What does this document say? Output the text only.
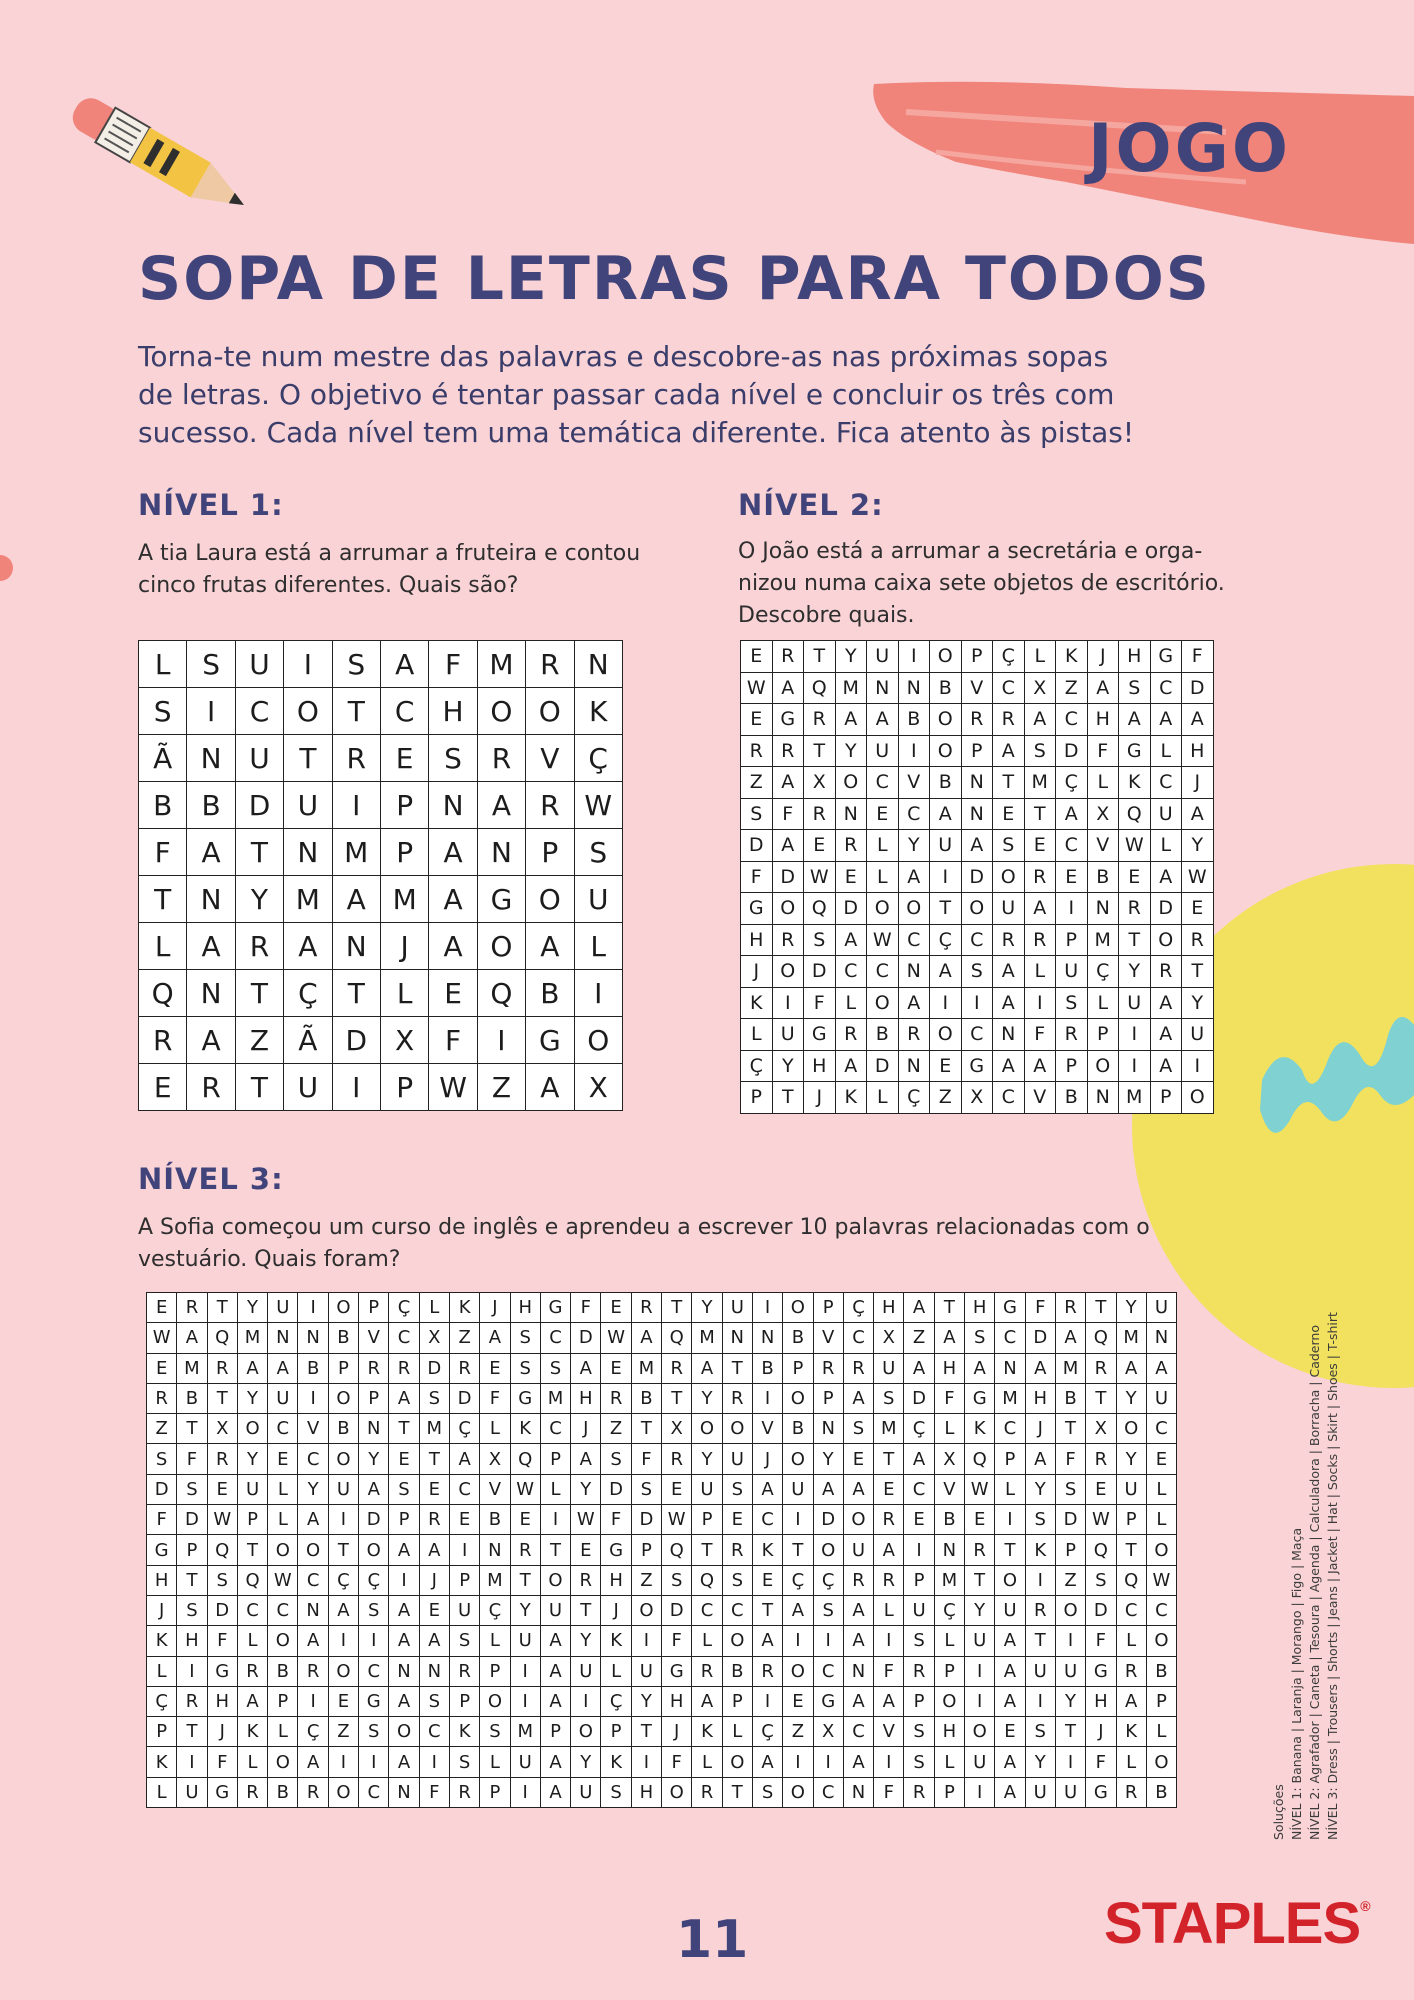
JOGO
SOPA DE LETRAS PARA TODOS
Torna-te num mestre das palavras e descobre-as nas próximas sopas
de letras. O objetivo é tentar passar cada nível e concluir os três com
sucesso. Cada nível tem uma temática diferente. Fica atento às pistas!
NÍVEL 1:
A tia Laura está a arrumar a fruteira e contou
cinco frutas diferentes. Quais são?
L	S	U	I	S	A	F	M	R	N
S	I	C	O	T	C	H	O	O	K
Ã	N	U	T	R	E	S	R	V	Ç
B	B	D	U	I	P	N	A	R	W
F	A	T	N	M	P	A	N	P	S
T	N	Y	M	A	M	A	G	O	U
L	A	R	A	N	J	A	O	A	L
Q	N	T	Ç	T	L	E	Q	B	I
R	A	Z	Ã	D	X	F	I	G	O
E	R	T	U	I	P	W	Z	A	X
NÍVEL 2:
O João está a arrumar a secretária e orga-
nizou numa caixa sete objetos de escritório.
Descobre quais.
E	R	T	Y	U	I	O	P	Ç	L	K	J	H	G	F
W	A	Q	M	N	N	B	V	C	X	Z	A	S	C	D
E	G	R	A	A	B	O	R	R	A	C	H	A	A	A
R	R	T	Y	U	I	O	P	A	S	D	F	G	L	H
Z	A	X	O	C	V	B	N	T	M	Ç	L	K	C	J
S	F	R	N	E	C	A	N	E	T	A	X	Q	U	A
D	A	E	R	L	Y	U	A	S	E	C	V	W	L	Y
F	D	W	E	L	A	I	D	O	R	E	B	E	A	W
G	O	Q	D	O	O	T	O	U	A	I	N	R	D	E
H	R	S	A	W	C	Ç	C	R	R	P	M	T	O	R
J	O	D	C	C	N	A	S	A	L	U	Ç	Y	R	T
K	I	F	L	O	A	I	I	A	I	S	L	U	A	Y
L	U	G	R	B	R	O	C	N	F	R	P	I	A	U
Ç	Y	H	A	D	N	E	G	A	A	P	O	I	A	I
P	T	J	K	L	Ç	Z	X	C	V	B	N	M	P	O
NÍVEL 3:
A Sofia começou um curso de inglês e aprendeu a escrever 10 palavras relacionadas com o
vestuário. Quais foram?
E	R	T	Y	U	I	O	P	Ç	L	K	J	H	G	F	E	R	T	Y	U	I	O	P	Ç	H	A	T	H	G	F	R	T	Y	U
W	A	Q	M	N	N	B	V	C	X	Z	A	S	C	D	W	A	Q	M	N	N	B	V	C	X	Z	A	S	C	D	A	Q	M	N
E	M	R	A	A	B	P	R	R	D	R	E	S	S	A	E	M	R	A	T	B	P	R	R	U	A	H	A	N	A	M	R	A	A
R	B	T	Y	U	I	O	P	A	S	D	F	G	M	H	R	B	T	Y	R	I	O	P	A	S	D	F	G	M	H	B	T	Y	U
Z	T	X	O	C	V	B	N	T	M	Ç	L	K	C	J	Z	T	X	O	O	V	B	N	S	M	Ç	L	K	C	J	T	X	O	C
S	F	R	Y	E	C	O	Y	E	T	A	X	Q	P	A	S	F	R	Y	U	J	O	Y	E	T	A	X	Q	P	A	F	R	Y	E
D	S	E	U	L	Y	U	A	S	E	C	V	W	L	Y	D	S	E	U	S	A	U	A	A	E	C	V	W	L	Y	S	E	U	L
F	D	W	P	L	A	I	D	P	R	E	B	E	I	W	F	D	W	P	E	C	I	D	O	R	E	B	E	I	S	D	W	P	L
G	P	Q	T	O	O	T	O	A	A	I	N	R	T	E	G	P	Q	T	R	K	T	O	U	A	I	N	R	T	K	P	Q	T	O
H	T	S	Q	W	C	Ç	Ç	I	J	P	M	T	O	R	H	Z	S	Q	S	E	Ç	Ç	R	R	P	M	T	O	I	Z	S	Q	W
J	S	D	C	C	N	A	S	A	E	U	Ç	Y	U	T	J	O	D	C	C	T	A	S	A	L	U	Ç	Y	U	R	O	D	C	C
K	H	F	L	O	A	I	I	A	A	S	L	U	A	Y	K	I	F	L	O	A	I	I	A	I	S	L	U	A	T	I	F	L	O
L	I	G	R	B	R	O	C	N	N	R	P	I	A	U	L	U	G	R	B	R	O	C	N	F	R	P	I	A	U	U	G	R	B
Ç	R	H	A	P	I	E	G	A	S	P	O	I	A	I	Ç	Y	H	A	P	I	E	G	A	A	P	O	I	A	I	Y	H	A	P
P	T	J	K	L	Ç	Z	S	O	C	K	S	M	P	O	P	T	J	K	L	Ç	Z	X	C	V	S	H	O	E	S	T	J	K	L
K	I	F	L	O	A	I	I	A	I	S	L	U	A	Y	K	I	F	L	O	A	I	I	A	I	S	L	U	A	Y	I	F	L	O
L	U	G	R	B	R	O	C	N	F	R	P	I	A	U	S	H	O	R	T	S	O	C	N	F	R	P	I	A	U	U	G	R	B	Soluções NÍVEL 1: Banana | Laranja | Morango | Figo | Maça NÍVEL 2: Agrafador | Caneta | Tesoura | Agenda | Calculadora | Borracha | Caderno NÍVEL 3: Dress | Trousers | Shorts | Jeans | Jacket | Hat | Socks | Skirt | Shoes | T-shirt
11	STAPLES®
